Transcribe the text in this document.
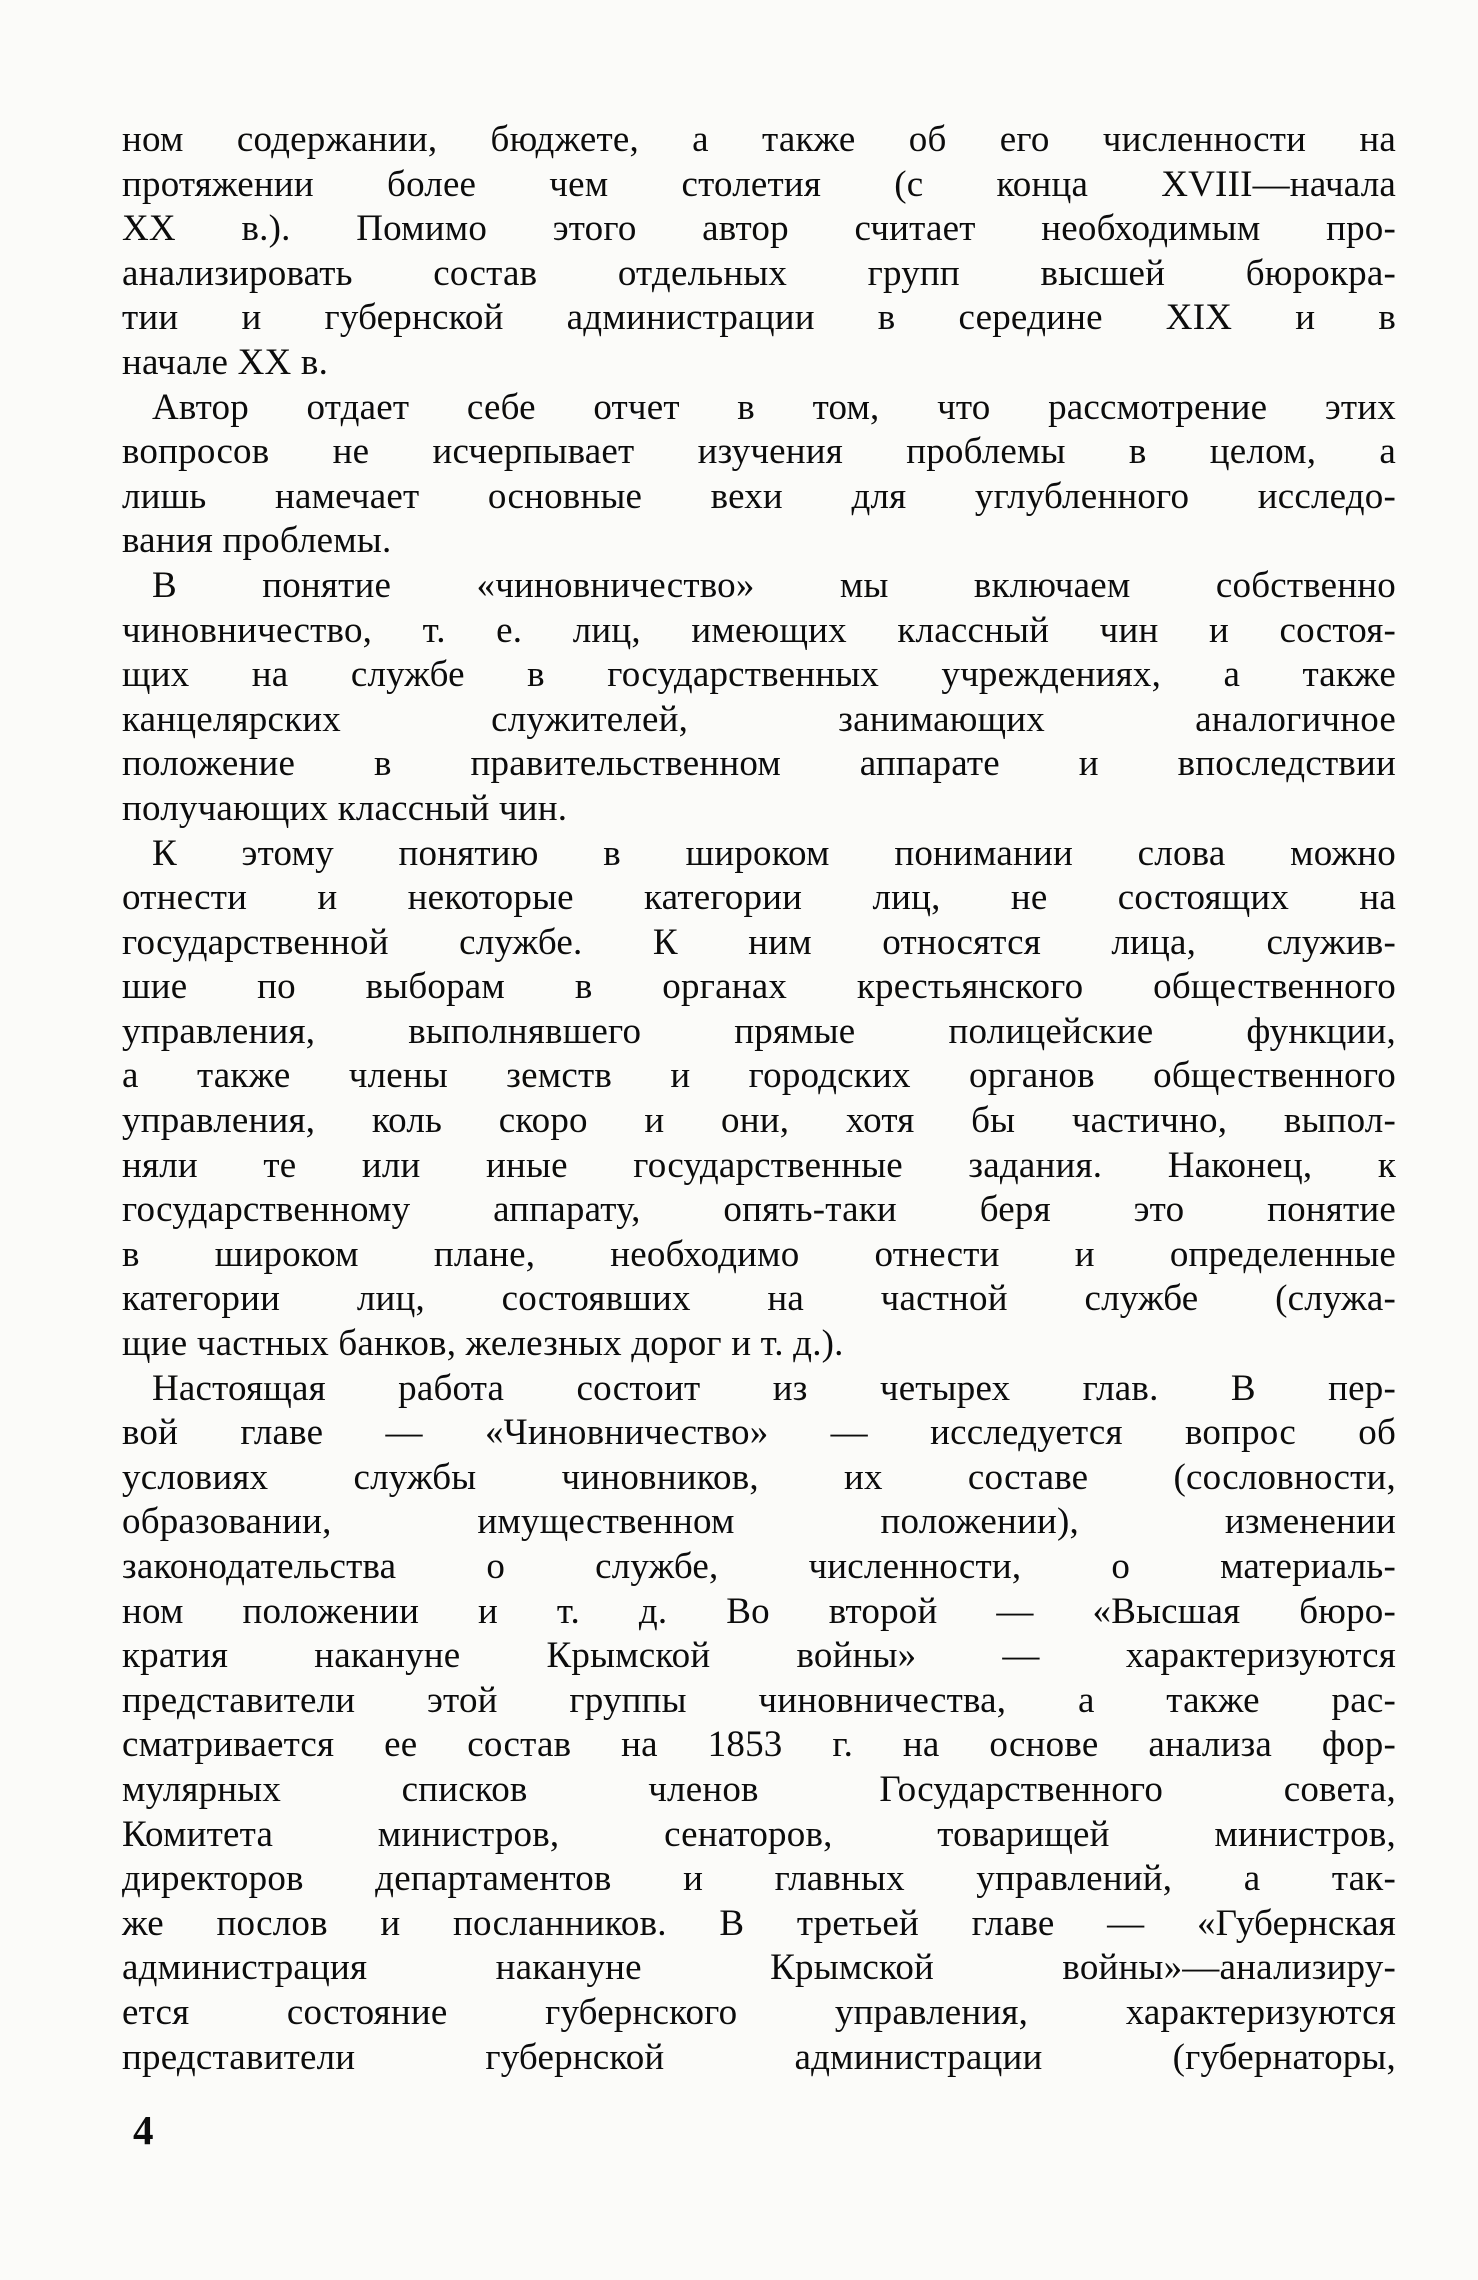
ном содержании, бюджете, а также об его численности на
протяжении более чем столетия (с конца XVIII—начала
XX в.). Помимо этого автор считает необходимым про-
анализировать состав отдельных групп высшей бюрокра-
тии и губернской администрации в середине XIX и в
начале XX в.
Автор отдает себе отчет в том, что рассмотрение этих
вопросов не исчерпывает изучения проблемы в целом, а
лишь намечает основные вехи для углубленного исследо-
вания проблемы.
В понятие «чиновничество» мы включаем собственно
чиновничество, т. е. лиц, имеющих классный чин и состоя-
щих на службе в государственных учреждениях, а также
канцелярских служителей, занимающих аналогичное
положение в правительственном аппарате и впоследствии
получающих классный чин.
К этому понятию в широком понимании слова можно
отнести и некоторые категории лиц, не состоящих на
государственной службе. К ним относятся лица, служив-
шие по выборам в органах крестьянского общественного
управления, выполнявшего прямые полицейские функции,
а также члены земств и городских органов общественного
управления, коль скоро и они, хотя бы частично, выпол-
няли те или иные государственные задания. Наконец, к
государственному аппарату, опять-таки беря это понятие
в широком плане, необходимо отнести и определенные
категории лиц, состоявших на частной службе (служа-
щие частных банков, железных дорог и т. д.).
Настоящая работа состоит из четырех глав. В пер-
вой главе — «Чиновничество» — исследуется вопрос об
условиях службы чиновников, их составе (сословности,
образовании, имущественном положении), изменении
законодательства о службе, численности, о материаль-
ном положении и т. д. Во второй — «Высшая бюро-
кратия накануне Крымской войны» — характеризуются
представители этой группы чиновничества, а также рас-
сматривается ее состав на 1853 г. на основе анализа фор-
мулярных списков членов Государственного совета,
Комитета министров, сенаторов, товарищей министров,
директоров департаментов и главных управлений, а так-
же послов и посланников. В третьей главе — «Губернская
администрация накануне Крымской войны»—анализиру-
ется состояние губернского управления, характеризуются
представители губернской администрации (губернаторы,
4
